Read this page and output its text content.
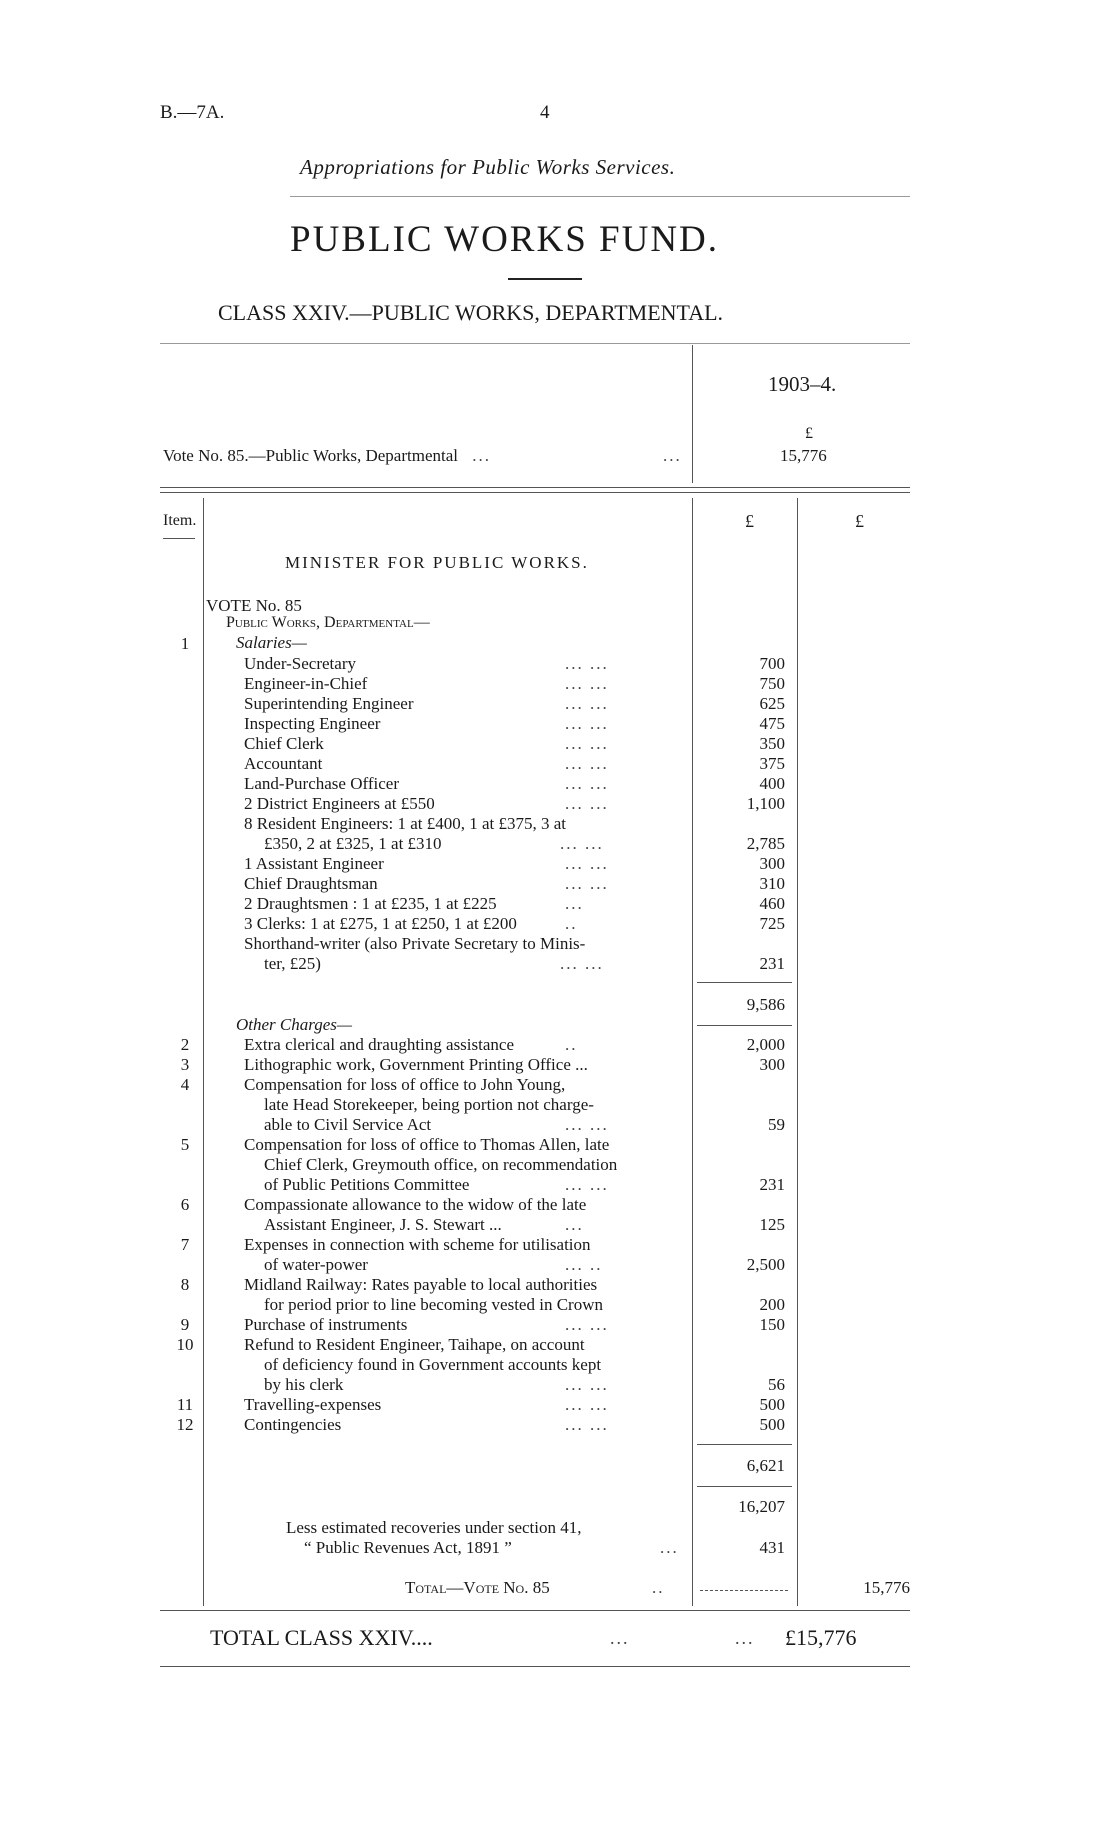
B.—7A.	4
Appropriations for Public Works Services.
PUBLIC WORKS FUND.
CLASS XXIV.—PUBLIC WORKS, DEPARTMENTAL.
1903–4.
£
Vote No. 85.—Public Works, Departmental ...	...	15,776
Item.	£	£
MINISTER FOR PUBLIC WORKS.
VOTE No. 85
Public Works, Departmental—
1	Salaries—
Under-Secretary	... ...	700
Engineer-in-Chief	... ...	750
Superintending Engineer	... ...	625
Inspecting Engineer	... ...	475
Chief Clerk	... ...	350
Accountant	... ...	375
Land-Purchase Officer	... ...	400
2 District Engineers at £550	... ...	1,100
8 Resident Engineers: 1 at £400, 1 at £375, 3 at
£350, 2 at £325, 1 at £310	... ...	2,785
1 Assistant Engineer	... ...	300
Chief Draughtsman	... ...	310
2 Draughtsmen : 1 at £235, 1 at £225	...	460
3 Clerks: 1 at £275, 1 at £250, 1 at £200	..	725
Shorthand-writer (also Private Secretary to Minis-
ter, £25)	... ...	231
9,586
Other Charges—
2	Extra clerical and draughting assistance	..	2,000
3	Lithographic work, Government Printing Office ...	300
4	Compensation for loss of office to John Young,
late Head Storekeeper, being portion not charge-
able to Civil Service Act	... ...	59
5	Compensation for loss of office to Thomas Allen, late
Chief Clerk, Greymouth office, on recommendation
of Public Petitions Committee	... ...	231
6	Compassionate allowance to the widow of the late
Assistant Engineer, J. S. Stewart ...	...	125
7	Expenses in connection with scheme for utilisation
of water-power	... ..	2,500
8	Midland Railway: Rates payable to local authorities
for period prior to line becoming vested in Crown	200
9	Purchase of instruments	... ...	150
10	Refund to Resident Engineer, Taihape, on account
of deficiency found in Government accounts kept
by his clerk	... ...	56
11	Travelling-expenses	... ...	500
12	Contingencies	... ...	500
6,621
16,207
Less estimated recoveries under section 41,
“ Public Revenues Act, 1891 ”	...	431
Total—Vote No. 85	..	15,776
TOTAL CLASS XXIV....	...	... £15,776
